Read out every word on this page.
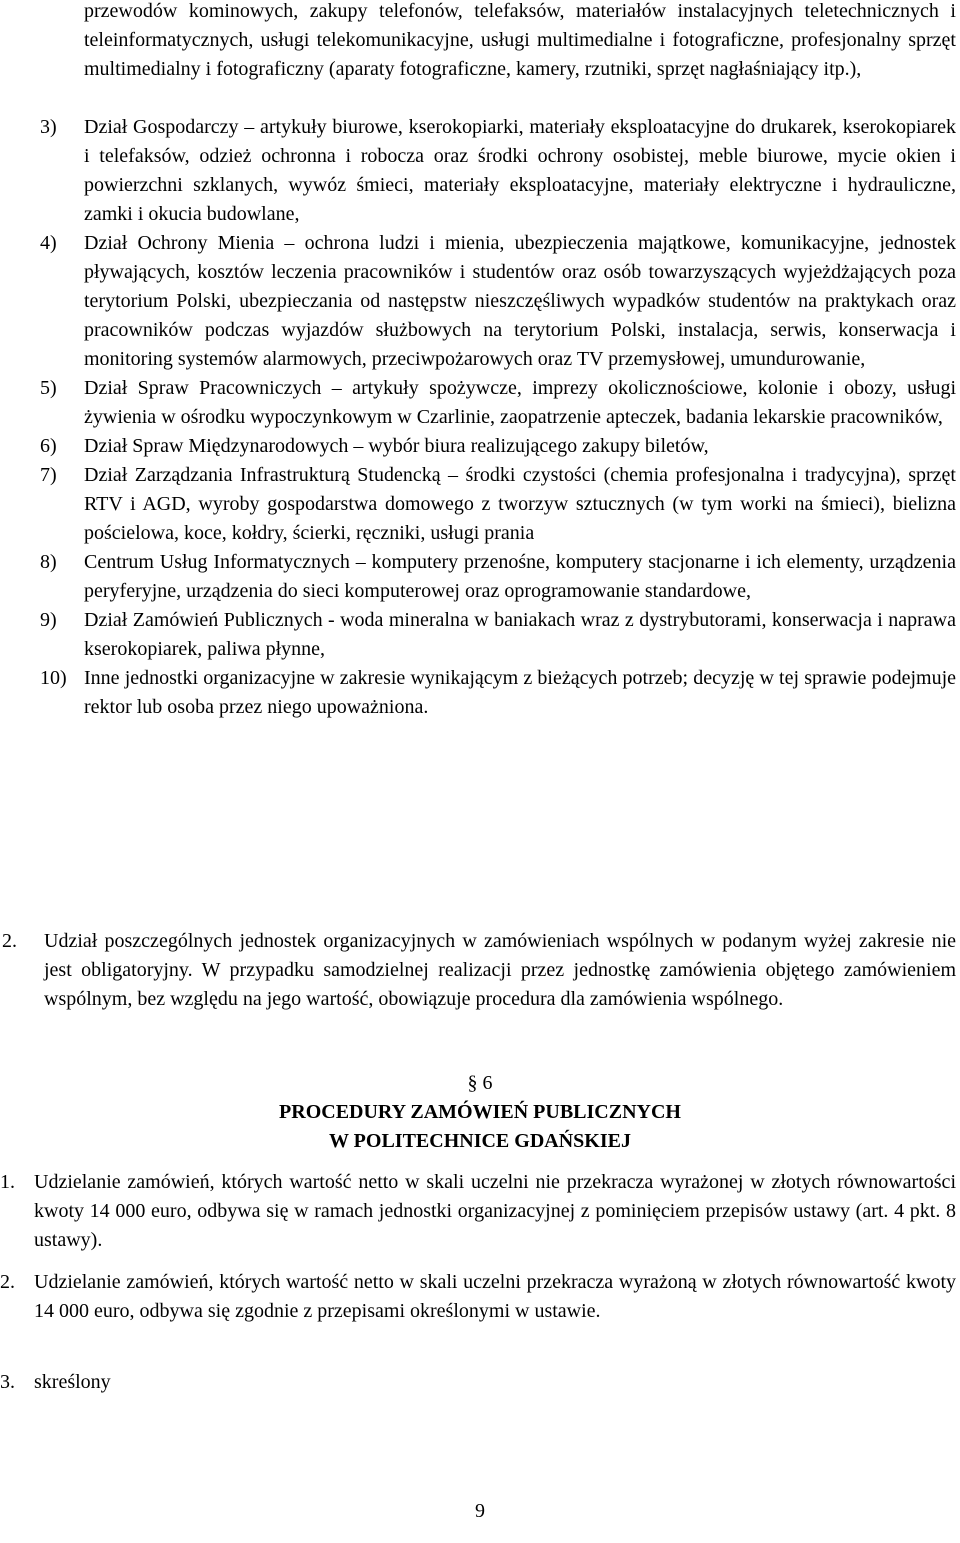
przewodów kominowych, zakupy telefonów, telefaksów, materiałów instalacyjnych teletechnicznych i teleinformatycznych, usługi telekomunikacyjne, usługi multimedialne i fotograficzne, profesjonalny sprzęt multimedialny i fotograficzny (aparaty fotograficzne, kamery, rzutniki, sprzęt nagłaśniający itp.),
3)	Dział Gospodarczy – artykuły biurowe, kserokopiarki, materiały eksploatacyjne do drukarek, kserokopiarek i telefaksów, odzież ochronna i robocza oraz środki ochrony osobistej, meble biurowe, mycie okien i powierzchni szklanych, wywóz śmieci, materiały eksploatacyjne, materiały elektryczne i hydrauliczne, zamki i okucia budowlane,
4)	Dział Ochrony Mienia – ochrona ludzi i mienia, ubezpieczenia majątkowe, komunikacyjne, jednostek pływających, kosztów leczenia pracowników i studentów oraz osób towarzyszących wyjeżdżających poza terytorium Polski, ubezpieczania od następstw nieszczęśliwych wypadków studentów na praktykach oraz pracowników podczas wyjazdów służbowych na terytorium Polski, instalacja, serwis, konserwacja i monitoring systemów alarmowych, przeciwpożarowych oraz TV przemysłowej, umundurowanie,
5)	Dział Spraw Pracowniczych – artykuły spożywcze, imprezy okolicznościowe, kolonie i obozy, usługi żywienia w ośrodku wypoczynkowym w Czarlinie, zaopatrzenie apteczek, badania lekarskie pracowników,
6)	Dział Spraw Międzynarodowych – wybór biura realizującego zakupy biletów,
7)	Dział Zarządzania Infrastrukturą Studencką – środki czystości (chemia profesjonalna i tradycyjna), sprzęt RTV i AGD, wyroby gospodarstwa domowego z tworzyw sztucznych (w tym worki na śmieci), bielizna pościelowa, koce, kołdry, ścierki, ręczniki, usługi prania
8)	Centrum Usług Informatycznych – komputery przenośne, komputery stacjonarne i ich elementy, urządzenia peryferyjne, urządzenia do sieci komputerowej oraz oprogramowanie standardowe,
9)	Dział Zamówień Publicznych - woda mineralna w baniakach wraz z dystrybutorami, konserwacja i naprawa kserokopiarek, paliwa płynne,
10) Inne jednostki organizacyjne w zakresie wynikającym z bieżących potrzeb; decyzję w tej sprawie podejmuje rektor lub osoba przez niego upoważniona.
2.	Udział poszczególnych jednostek organizacyjnych w zamówieniach wspólnych w podanym wyżej zakresie nie jest obligatoryjny. W przypadku samodzielnej realizacji przez jednostkę zamówienia objętego zamówieniem wspólnym, bez względu na jego wartość, obowiązuje procedura dla zamówienia wspólnego.
§ 6
PROCEDURY ZAMÓWIEŃ PUBLICZNYCH
W POLITECHNICE GDAŃSKIEJ
1. Udzielanie zamówień, których wartość netto w skali uczelni nie przekracza wyrażonej w złotych równowartości kwoty 14 000 euro, odbywa się w ramach jednostki organizacyjnej z pominięciem przepisów ustawy (art. 4 pkt. 8 ustawy).
2. Udzielanie zamówień, których wartość netto w skali uczelni przekracza wyrażoną w złotych równowartość kwoty 14 000 euro, odbywa się zgodnie z przepisami określonymi w ustawie.
3. skreślony
9
